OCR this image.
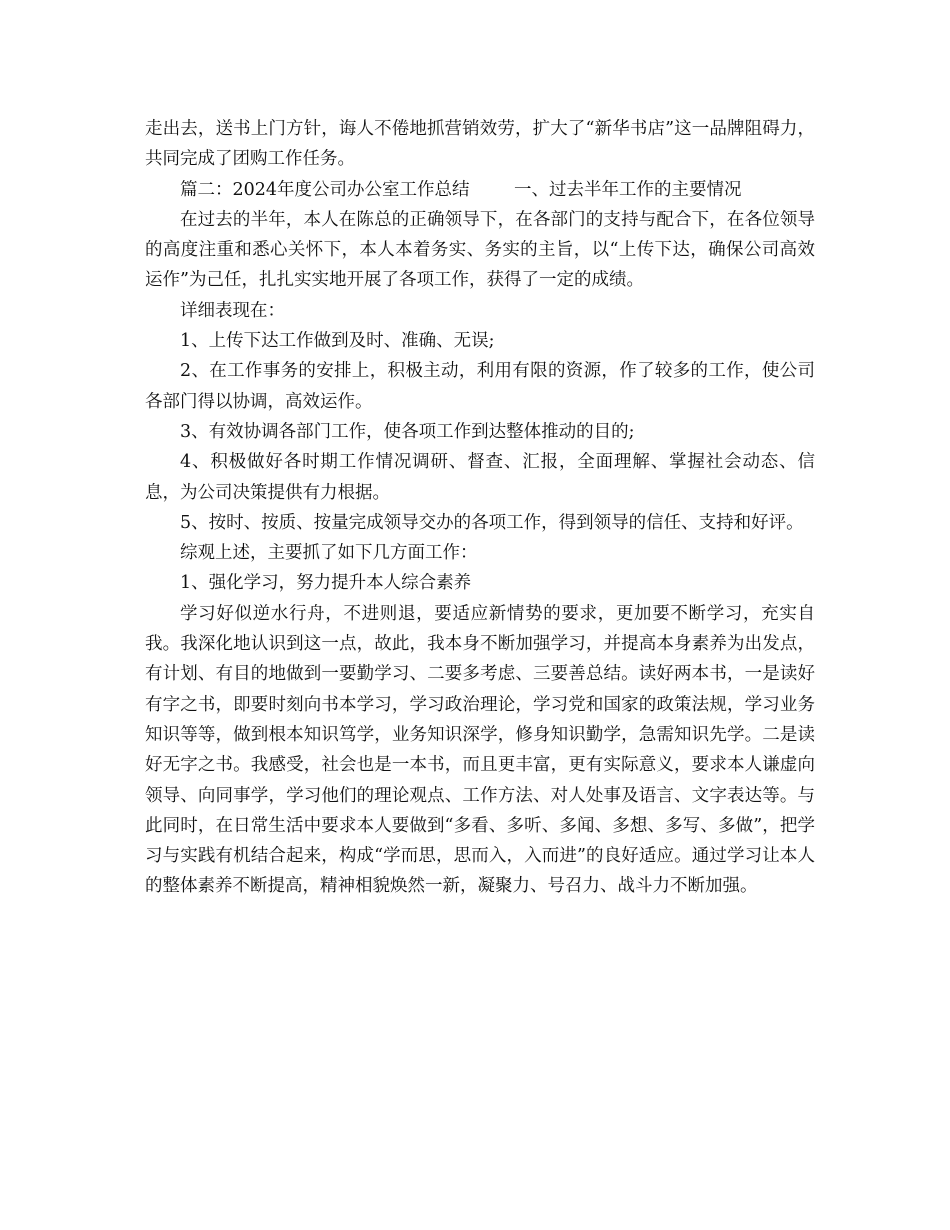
走出去，送书上门方针，诲人不倦地抓营销效劳，扩大了“新华书店”这一品牌阻碍力，共同完成了团购工作任务。

篇二：2024年度公司办公室工作总结        一、过去半年工作的主要情况

在过去的半年，本人在陈总的正确领导下，在各部门的支持与配合下，在各位领导的高度注重和悉心关怀下，本人本着务实、务实的主旨，以“上传下达，确保公司高效运作”为己任，扎扎实实地开展了各项工作，获得了一定的成绩。

详细表现在：

1、上传下达工作做到及时、准确、无误;

2、在工作事务的安排上，积极主动，利用有限的资源，作了较多的工作，使公司各部门得以协调，高效运作。

3、有效协调各部门工作，使各项工作到达整体推动的目的;

4、积极做好各时期工作情况调研、督查、汇报，全面理解、掌握社会动态、信息，为公司决策提供有力根据。

5、按时、按质、按量完成领导交办的各项工作，得到领导的信任、支持和好评。

综观上述，主要抓了如下几方面工作：

1、强化学习，努力提升本人综合素养

学习好似逆水行舟，不进则退，要适应新情势的要求，更加要不断学习，充实自我。我深化地认识到这一点，故此，我本身不断加强学习，并提高本身素养为出发点，有计划、有目的地做到一要勤学习、二要多考虑、三要善总结。读好两本书，一是读好有字之书，即要时刻向书本学习，学习政治理论，学习党和国家的政策法规，学习业务知识等等，做到根本知识笃学，业务知识深学，修身知识勤学，急需知识先学。二是读好无字之书。我感受，社会也是一本书，而且更丰富，更有实际意义，要求本人谦虚向领导、向同事学，学习他们的理论观点、工作方法、对人处事及语言、文字表达等。与此同时，在日常生活中要求本人要做到“多看、多听、多闻、多想、多写、多做”，把学习与实践有机结合起来，构成“学而思，思而入，入而进”的良好适应。通过学习让本人的整体素养不断提高，精神相貌焕然一新，凝聚力、号召力、战斗力不断加强。
